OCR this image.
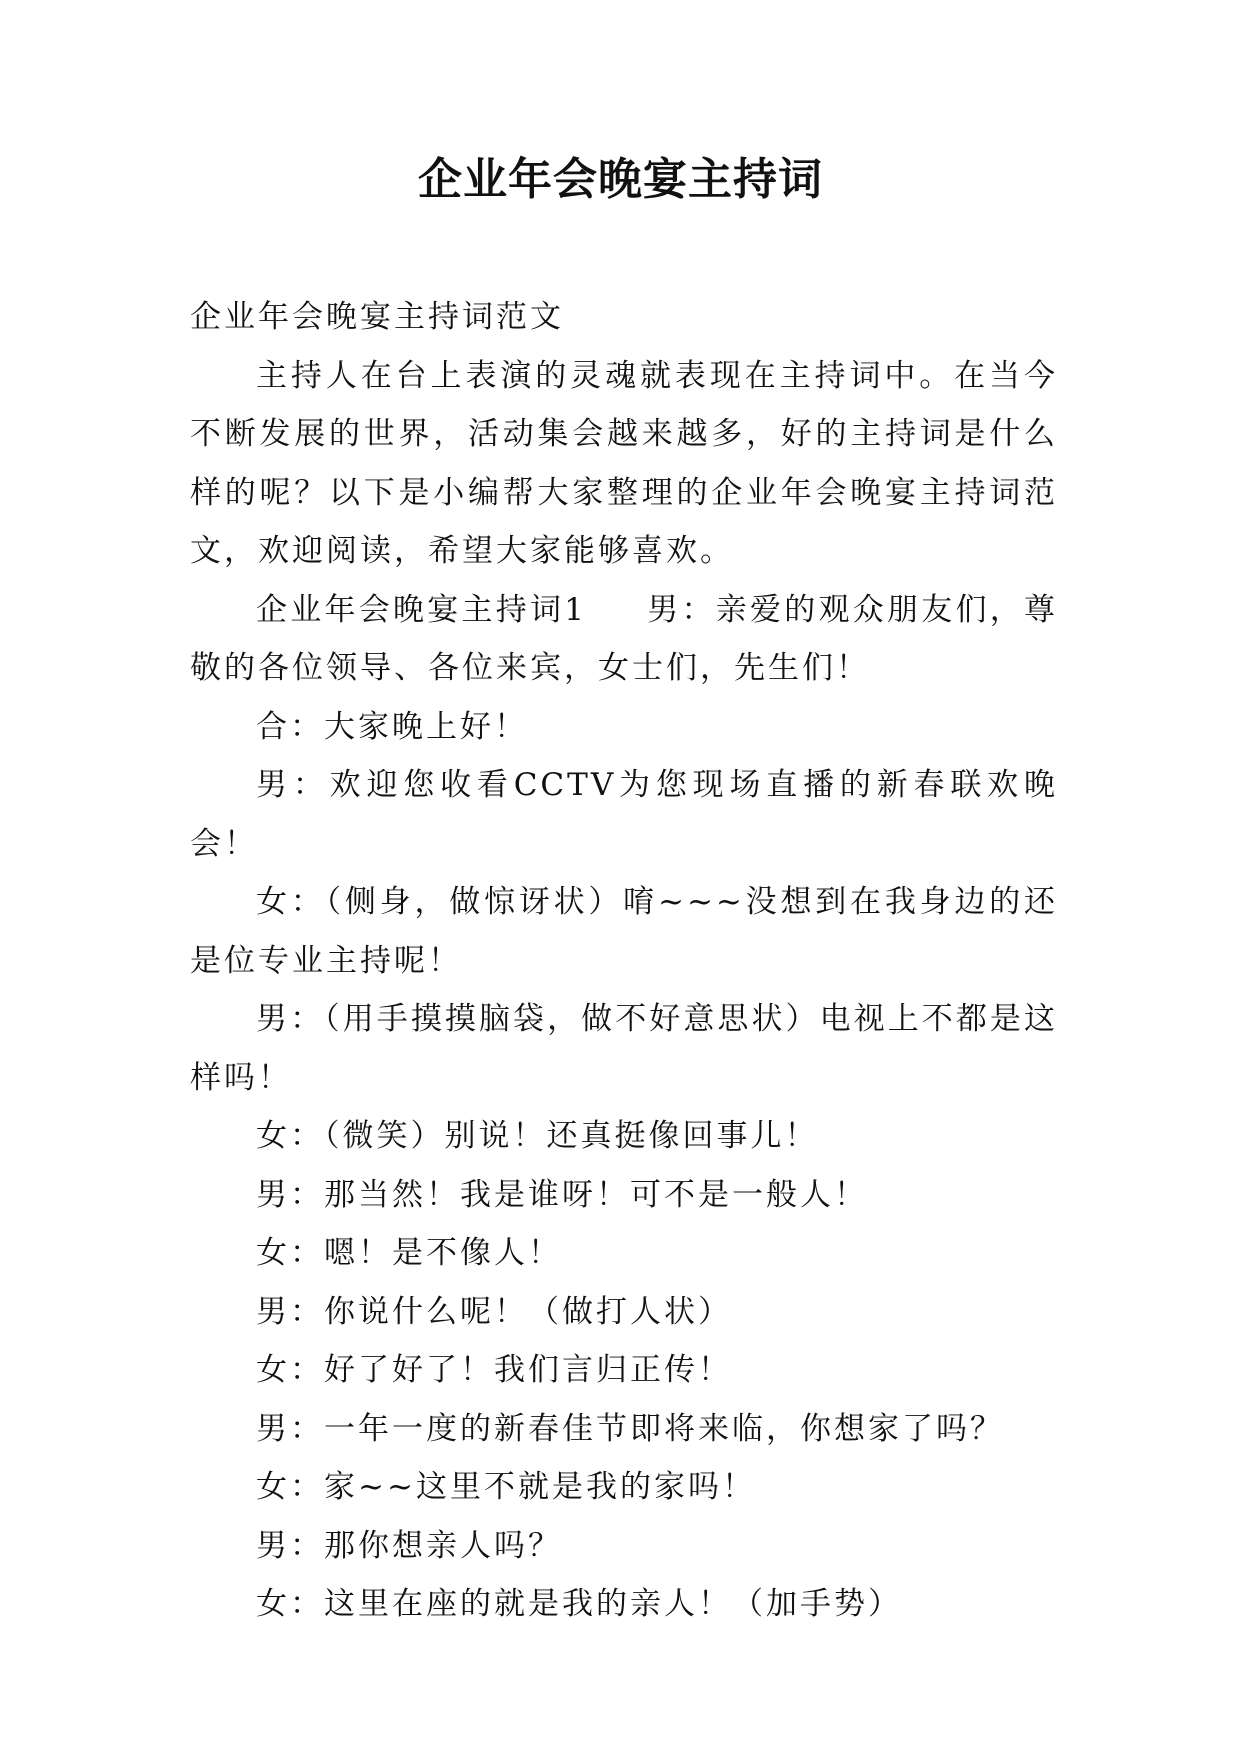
企业年会晚宴主持词

企业年会晚宴主持词范文

主持人在台上表演的灵魂就表现在主持词中。在当今不断发展的世界，活动集会越来越多，好的主持词是什么样的呢？以下是小编帮大家整理的企业年会晚宴主持词范文，欢迎阅读，希望大家能够喜欢。

企业年会晚宴主持词1 男：亲爱的观众朋友们，尊敬的各位领导、各位来宾，女士们，先生们！

合：大家晚上好！

男：欢迎您收看CCTV为您现场直播的新春联欢晚会！

女：（侧身，做惊讶状）唷~~~没想到在我身边的还是位专业主持呢！

男：（用手摸摸脑袋，做不好意思状）电视上不都是这样吗！

女：（微笑）别说！还真挺像回事儿！

男：那当然！我是谁呀！可不是一般人！

女：嗯！是不像人！

男：你说什么呢！（做打人状）

女：好了好了！我们言归正传！

男：一年一度的新春佳节即将来临，你想家了吗？

女：家~~这里不就是我的家吗！

男：那你想亲人吗？

女：这里在座的就是我的亲人！（加手势）
